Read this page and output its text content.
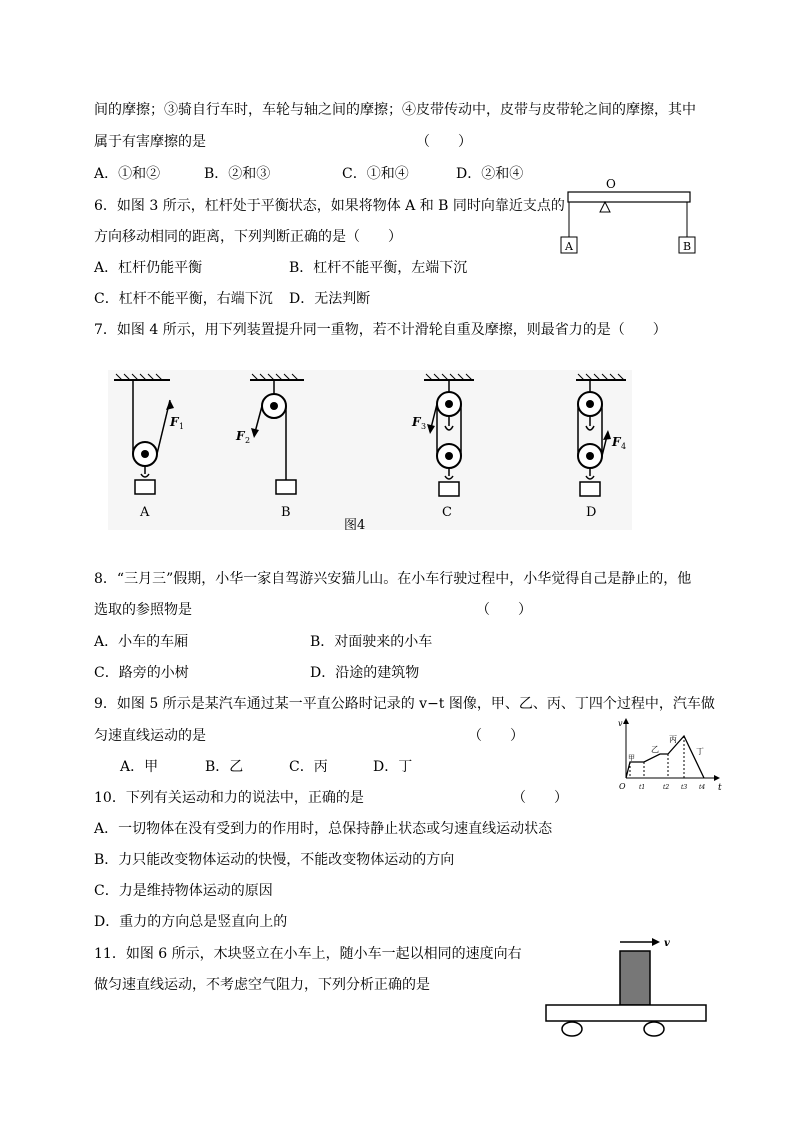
间的摩擦；③骑自行车时，车轮与轴之间的摩擦；④皮带传动中，皮带与皮带轮之间的摩擦，其中
属于有害摩擦的是	（　　）
A．①和②	B．②和③	C．①和④	D．②和④
6．如图 3 所示，杠杆处于平衡状态，如果将物体 A 和 B 同时向靠近支点的
方向移动相同的距离，下列判断正确的是（　　）
A．杠杆仍能平衡	B．杠杆不能平衡，左端下沉
C．杠杆不能平衡，右端下沉 D．无法判断
O
A	B
7．如图 4 所示，用下列装置提升同一重物，若不计滑轮自重及摩擦，则最省力的是（　　）
F 1
F 2
F 3
F 4
A	B	C	D
图4
8．“三月三”假期，小华一家自驾游兴安猫儿山。在小车行驶过程中，小华觉得自己是静止的，他
选取的参照物是	（　　）
A．小车的车厢	B．对面驶来的小车
C．路旁的小树	D．沿途的建筑物
9．如图 5 所示是某汽车通过某一平直公路时记录的 v−t 图像，甲、乙、丙、丁四个过程中，汽车做
匀速直线运动的是	（　　）
A．甲	B．乙	C．丙	D．丁
v
t
O
甲
乙
丙
丁
t1	t2 t3 t4
10．下列有关运动和力的说法中，正确的是	（　　）
A．一切物体在没有受到力的作用时，总保持静止状态或匀速直线运动状态
B．力只能改变物体运动的快慢，不能改变物体运动的方向
C．力是维持物体运动的原因
D．重力的方向总是竖直向上的
11．如图 6 所示，木块竖立在小车上，随小车一起以相同的速度向右
做匀速直线运动，不考虑空气阻力，下列分析正确的是
v
